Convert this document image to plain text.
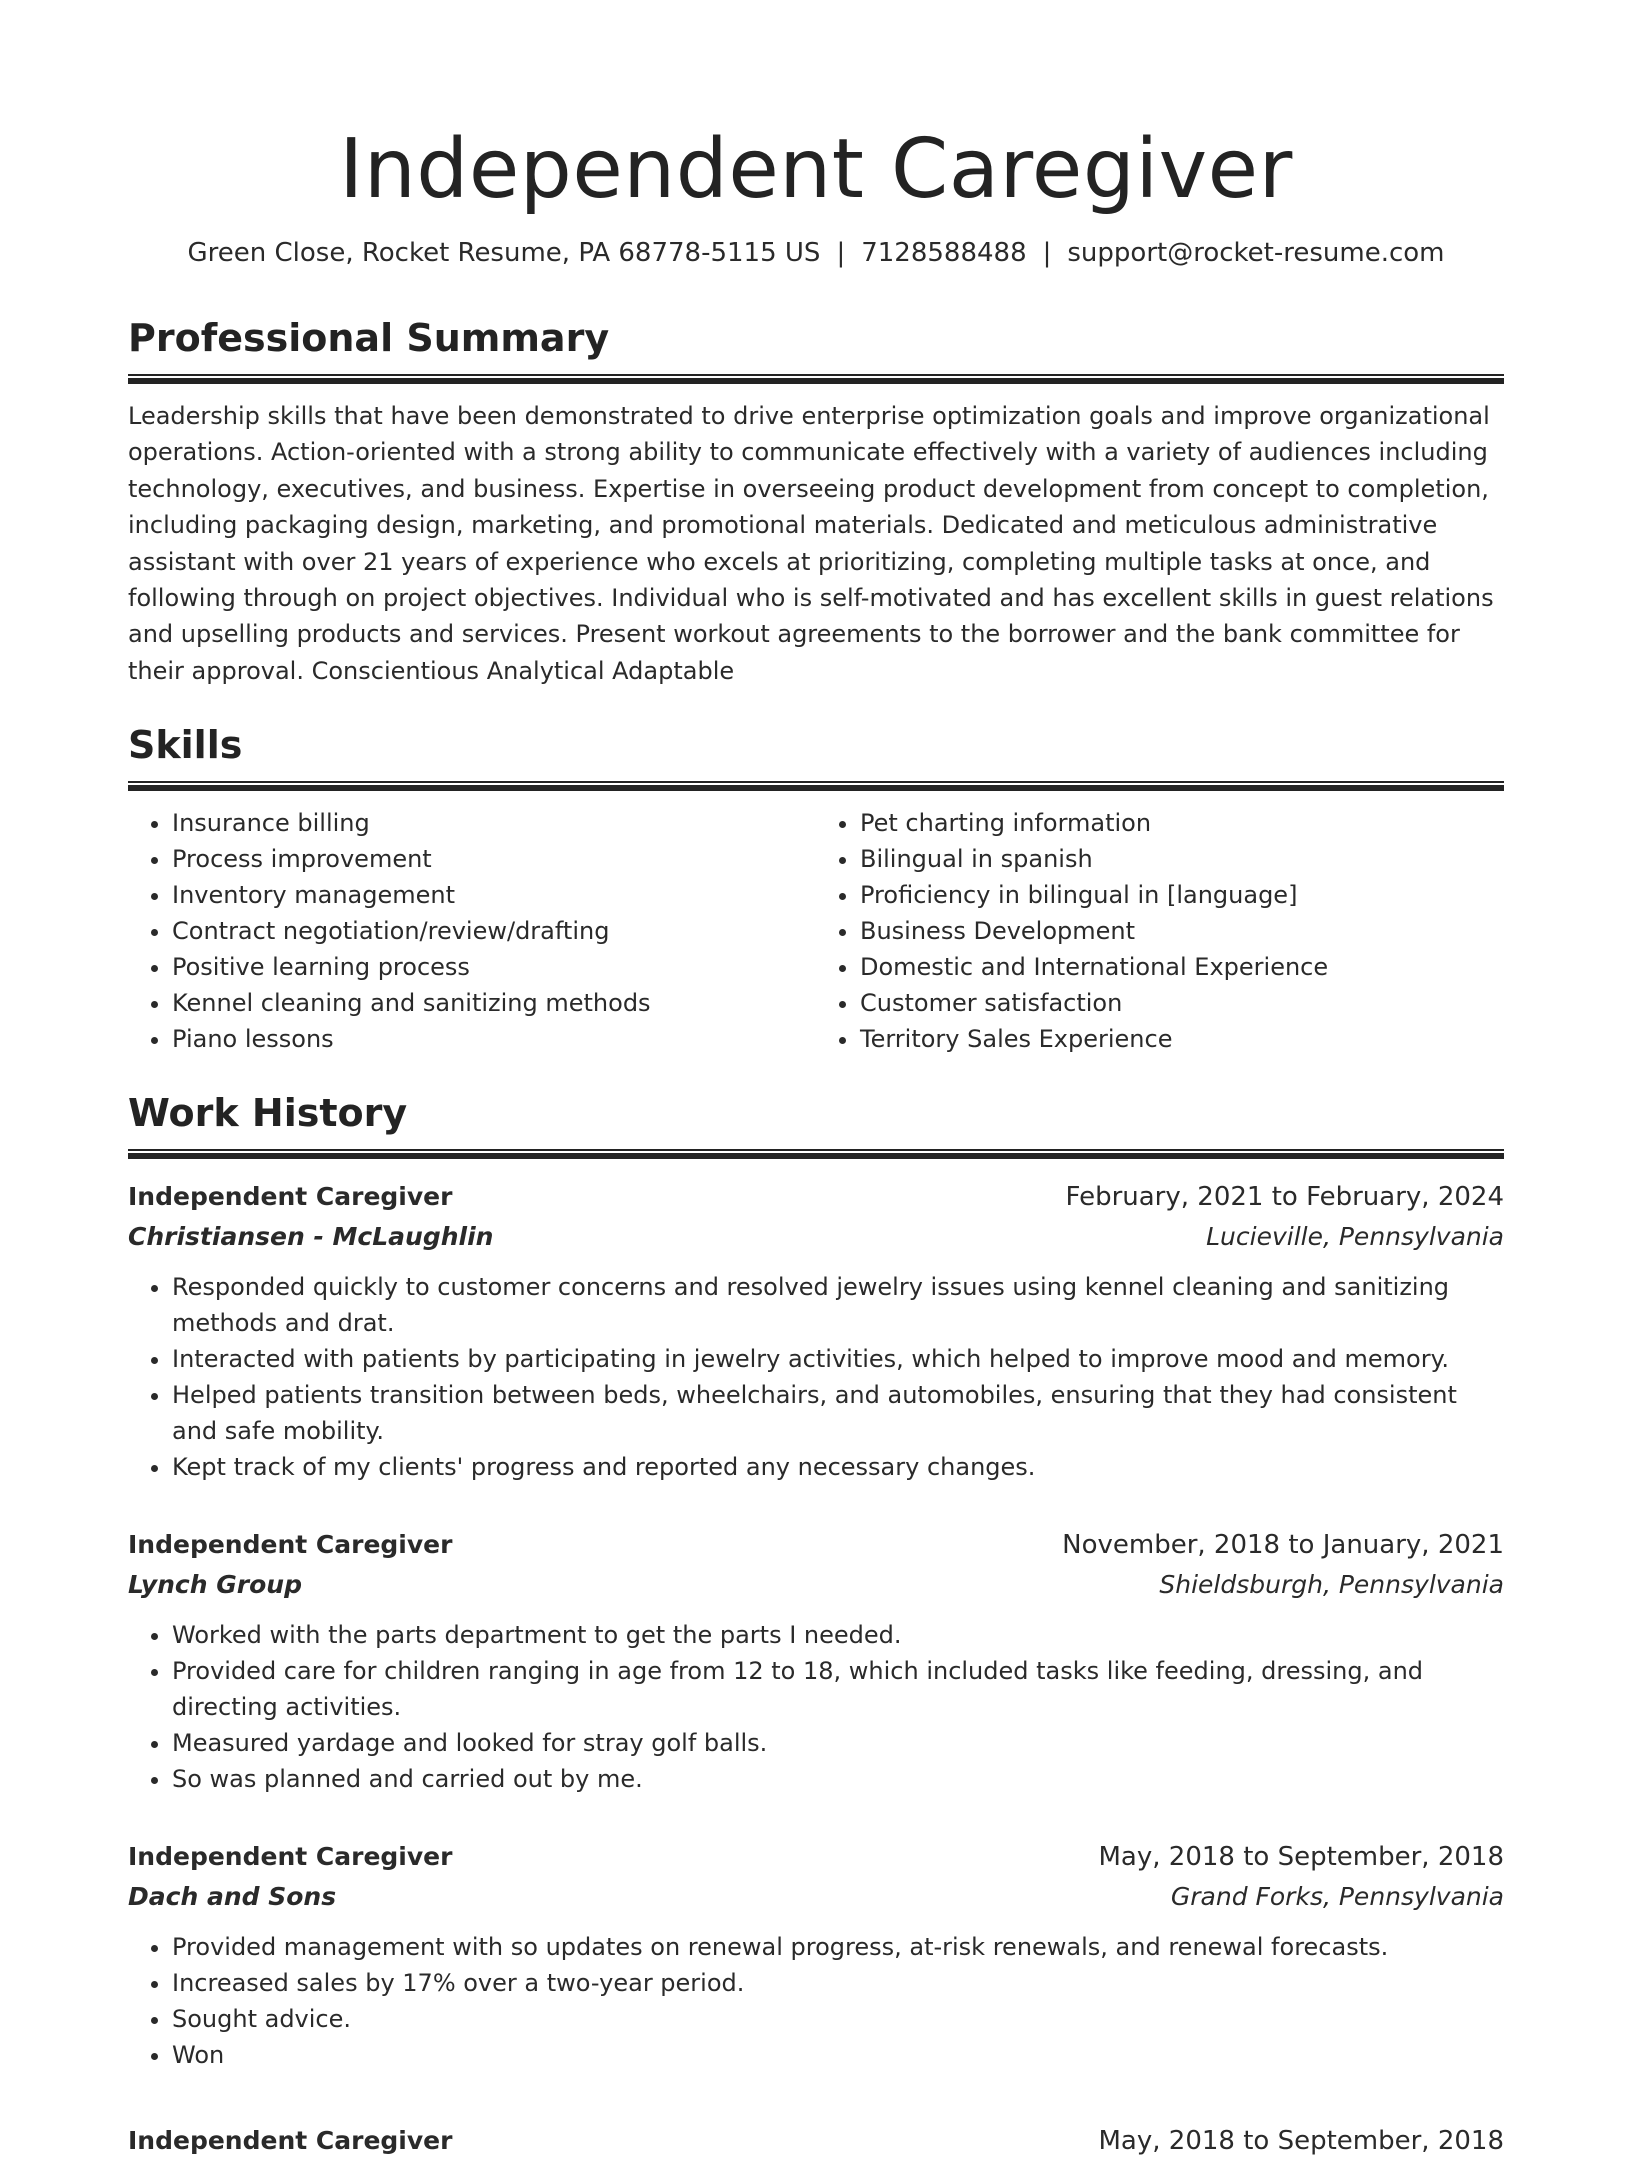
Independent Caregiver
Green Close, Rocket Resume, PA 68778-5115 US | 7128588488 | support@rocket-resume.com
Professional Summary

Leadership skills that have been demonstrated to drive enterprise optimization goals and improve organizational operations. Action-oriented with a strong ability to communicate effectively with a variety of audiences including technology, executives, and business. Expertise in overseeing product development from concept to completion, including packaging design, marketing, and promotional materials. Dedicated and meticulous administrative assistant with over 21 years of experience who excels at prioritizing, completing multiple tasks at once, and following through on project objectives. Individual who is self-motivated and has excellent skills in guest relations and upselling products and services. Present workout agreements to the borrower and the bank committee for their approval. Conscientious Analytical Adaptable

Skills
• Insurance billing
• Process improvement
• Inventory management
• Contract negotiation/review/drafting
• Positive learning process
• Kennel cleaning and sanitizing methods
• Piano lessons
• Pet charting information
• Bilingual in spanish
• Proficiency in bilingual in [language]
• Business Development
• Domestic and International Experience
• Customer satisfaction
• Territory Sales Experience
Work History
Independent Caregiver	February, 2021 to February, 2024
Christiansen - McLaughlin	Lucieville, Pennsylvania
• Responded quickly to customer concerns and resolved jewelry issues using kennel cleaning and sanitizing methods and drat.
• Interacted with patients by participating in jewelry activities, which helped to improve mood and memory.
• Helped patients transition between beds, wheelchairs, and automobiles, ensuring that they had consistent and safe mobility.
• Kept track of my clients' progress and reported any necessary changes.
Independent Caregiver	November, 2018 to January, 2021
Lynch Group	Shieldsburgh, Pennsylvania
• Worked with the parts department to get the parts I needed.
• Provided care for children ranging in age from 12 to 18, which included tasks like feeding, dressing, and directing activities.
• Measured yardage and looked for stray golf balls.
• So was planned and carried out by me.
Independent Caregiver	May, 2018 to September, 2018
Dach and Sons	Grand Forks, Pennsylvania
• Provided management with so updates on renewal progress, at-risk renewals, and renewal forecasts.
• Increased sales by 17% over a two-year period.
• Sought advice.
• Won
Independent Caregiver	May, 2018 to September, 2018
